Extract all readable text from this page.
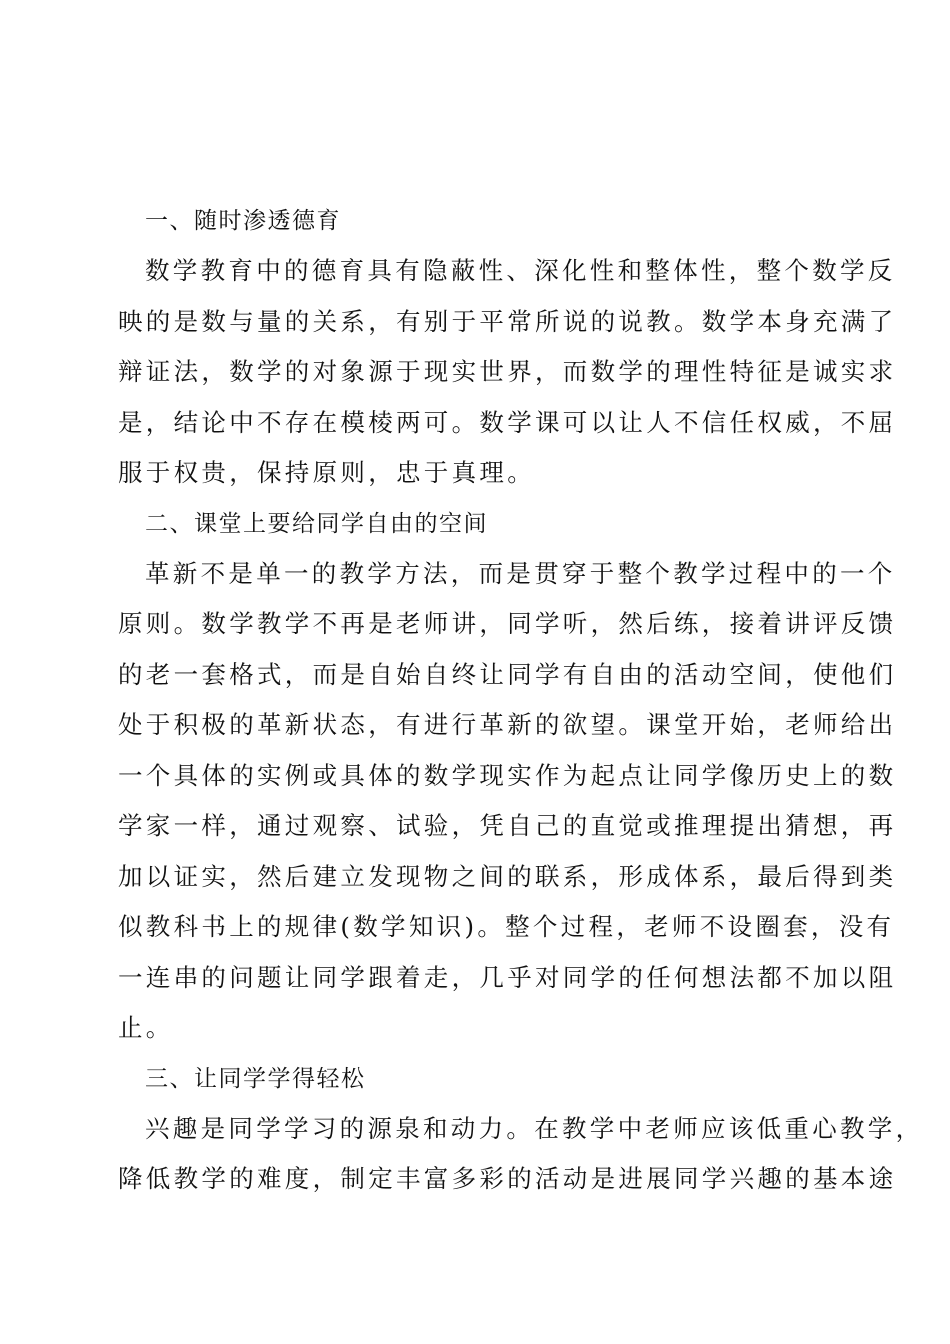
一、随时渗透德育
数学教育中的德育具有隐蔽性、深化性和整体性，整个数学反
映的是数与量的关系，有别于平常所说的说教。数学本身充满了
辩证法，数学的对象源于现实世界，而数学的理性特征是诚实求
是，结论中不存在模棱两可。数学课可以让人不信任权威，不屈
服于权贵，保持原则，忠于真理。
二、课堂上要给同学自由的空间
革新不是单一的教学方法，而是贯穿于整个教学过程中的一个
原则。数学教学不再是老师讲，同学听，然后练，接着讲评反馈
的老一套格式，而是自始自终让同学有自由的活动空间，使他们
处于积极的革新状态，有进行革新的欲望。课堂开始，老师给出
一个具体的实例或具体的数学现实作为起点让同学像历史上的数
学家一样，通过观察、试验，凭自己的直觉或推理提出猜想，再
加以证实，然后建立发现物之间的联系，形成体系，最后得到类
似教科书上的规律(数学知识)。整个过程，老师不设圈套，没有
一连串的问题让同学跟着走，几乎对同学的任何想法都不加以阻
止。
三、让同学学得轻松
兴趣是同学学习的源泉和动力。在教学中老师应该低重心教学，
降低教学的难度，制定丰富多彩的活动是进展同学兴趣的基本途
